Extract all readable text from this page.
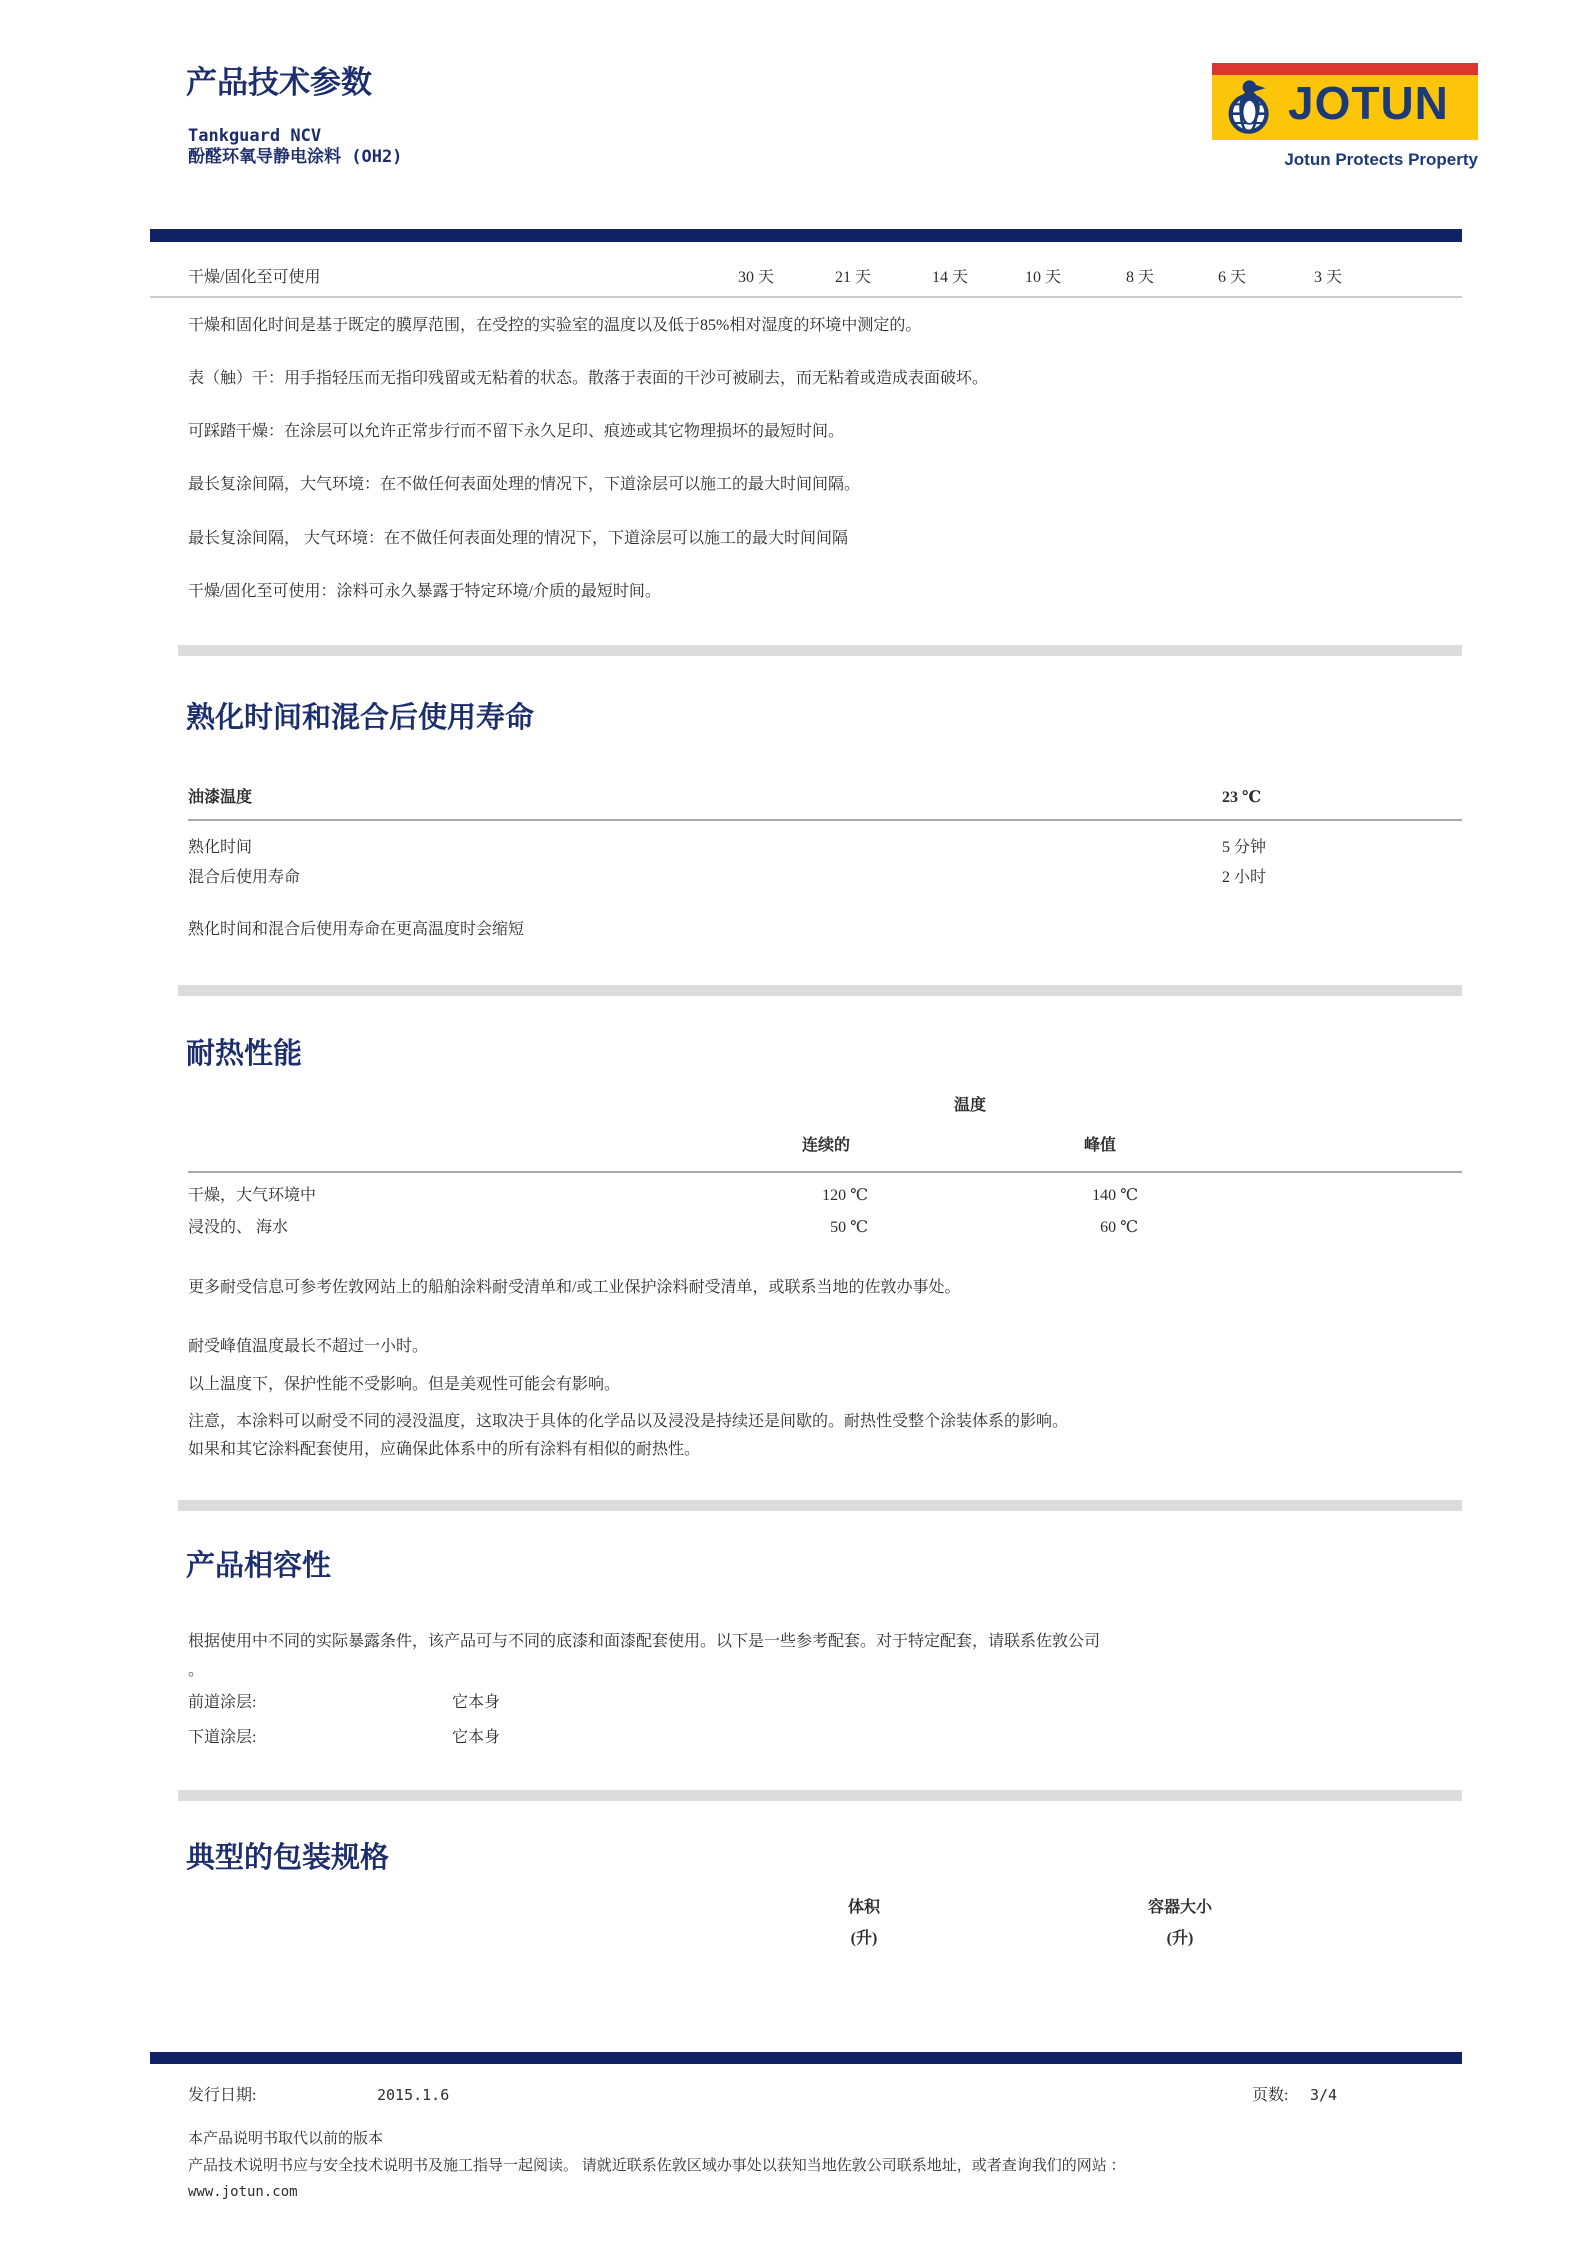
产品技术参数
Tankguard NCV
酚醛环氧导静电涂料 (OH2)
JOTUN
Jotun Protects Property
干燥/固化至可使用	30 天	21 天	14 天	10 天	8 天	6 天	3 天
干燥和固化时间是基于既定的膜厚范围，在受控的实验室的温度以及低于85%相对湿度的环境中测定的。
表（触）干：用手指轻压而无指印残留或无粘着的状态。散落于表面的干沙可被刷去，而无粘着或造成表面破坏。
可踩踏干燥：在涂层可以允许正常步行而不留下永久足印、痕迹或其它物理损坏的最短时间。
最长复涂间隔，大气环境：在不做任何表面处理的情况下，下道涂层可以施工的最大时间间隔。
最长复涂间隔， 大气环境：在不做任何表面处理的情况下，下道涂层可以施工的最大时间间隔
干燥/固化至可使用：涂料可永久暴露于特定环境/介质的最短时间。
熟化时间和混合后使用寿命
油漆温度	23 ℃
熟化时间	5 分钟
混合后使用寿命	2 小时
熟化时间和混合后使用寿命在更高温度时会缩短
耐热性能
温度
连续的	峰值
干燥，大气环境中	120 ℃	140 ℃
浸没的、 海水	50 ℃	60 ℃
更多耐受信息可参考佐敦网站上的船舶涂料耐受清单和/或工业保护涂料耐受清单，或联系当地的佐敦办事处。
耐受峰值温度最长不超过一小时。
以上温度下，保护性能不受影响。但是美观性可能会有影响。
注意，本涂料可以耐受不同的浸没温度，这取决于具体的化学品以及浸没是持续还是间歇的。耐热性受整个涂装体系的影响。
如果和其它涂料配套使用，应确保此体系中的所有涂料有相似的耐热性。
产品相容性
根据使用中不同的实际暴露条件，该产品可与不同的底漆和面漆配套使用。以下是一些参考配套。对于特定配套，请联系佐敦公司
。
前道涂层:	它本身
下道涂层:	它本身
典型的包装规格
体积
(升)
容器大小
(升)
发行日期:	2015.1.6	页数: 3/4
本产品说明书取代以前的版本
产品技术说明书应与安全技术说明书及施工指导一起阅读。 请就近联系佐敦区域办事处以获知当地佐敦公司联系地址，或者查询我们的网站 ：
www.jotun.com
